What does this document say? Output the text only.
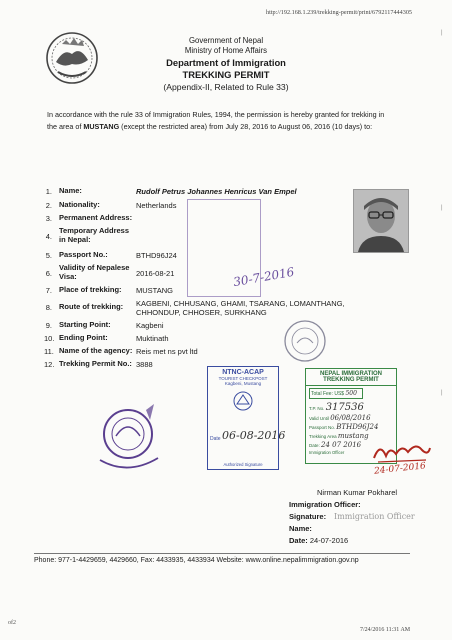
http://192.168.1.239/trekking-permit/print/6792117444305
Government of Nepal
Ministry of Home Affairs
Department of Immigration
TREKKING PERMIT
(Appendix-II, Related to Rule 33)
In accordance with the rule 33 of Immigration Rules, 1994, the permission is hereby granted for trekking in
the area of MUSTANG (except the restricted area) from July 28, 2016 to August 06, 2016 (10 days) to:
1. Name:	Rudolf Petrus Johannes Henricus Van Empel
2. Nationality:	Netherlands
3. Permanent Address:
4.
Temporary Address in Nepal:
5. Passport No.:	BTHD96J24
6.
Validity of Nepalese Visa:	2016-08-21
7. Place of trekking:	MUSTANG
8. Route of trekking:	KAGBENI, CHHUSANG, GHAMI, TSARANG, LOMANTHANG, CHHONDUP, CHHOSER, SURKHANG
9. Starting Point:	Kagbeni
10. Ending Point:	Muktinath
11. Name of the agency: Reis met ns pvt ltd
12. Trekking Permit No.: 3888
30-7-2016
NTNC-ACAP
TOURIST CHECKPOST
Kagbeni, Mustang
Date 06-08-2016
Authorized Signature
NEPAL IMMIGRATION
TREKKING PERMIT
Total Fee: US$ 500
T.P. No. 317536
Valid Until 06/08/2016
Passport No. BTHD96J24
Trekking Area mustang
Date: 24 07 2016
Immigration Officer
24-07-2016
Nirman Kumar Pokharel
Immigration Officer:
Signature:
Name:
Immigration Officer
Date: 24-07-2016
Phone: 977-1-4429659, 4429660, Fax: 4433935, 4433934 Website: www.online.nepalimmigration.gov.np
of2
7/24/2016 11:31 AM
|
|
|
